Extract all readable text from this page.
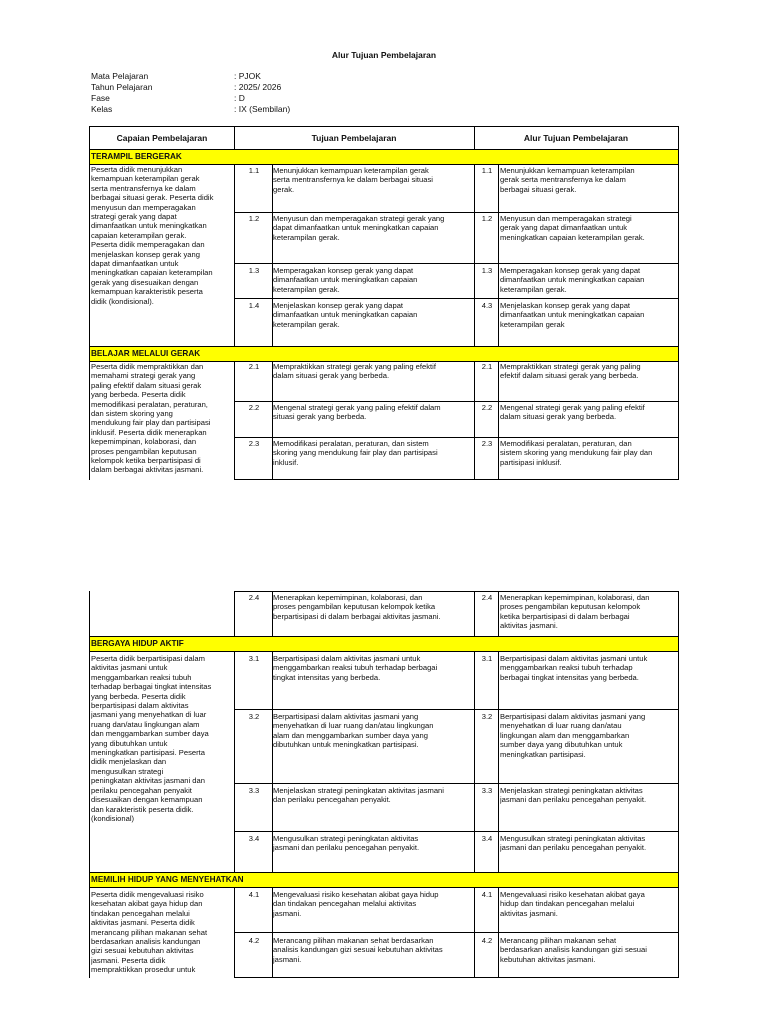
Alur Tujuan Pembelajaran
Mata Pelajaran	: PJOK
Tahun Pelajaran	: 2025/ 2026
Fase	: D
Kelas	: IX (Sembilan)
Capaian Pembelajaran	Tujuan Pembelajaran	Alur Tujuan Pembelajaran
TERAMPIL BERGERAK
Peserta didik menunjukkan
kemampuan keterampilan gerak
serta mentransfernya ke dalam
berbagai situasi gerak. Peserta didik
menyusun dan memperagakan
strategi gerak yang dapat
dimanfaatkan untuk meningkatkan
capaian keterampilan gerak.
Peserta didik memperagakan dan
menjelaskan konsep gerak yang
dapat dimanfaatkan untuk
meningkatkan capaian keterampilan
gerak yang disesuaikan dengan
kemampuan karakteristik peserta
didik (kondisional).
1.1	Menunjukkan kemampuan keterampilan gerak
serta mentransfernya ke dalam berbagai situasi
gerak.
1.1	Menunjukkan kemampuan keterampilan
gerak serta mentransfernya ke dalam
berbagai situasi gerak.
1.2	Menyusun dan memperagakan strategi gerak yang
dapat dimanfaatkan untuk meningkatkan capaian
keterampilan gerak.
1.2	Menyusun dan memperagakan strategi
gerak yang dapat dimanfaatkan untuk
meningkatkan capaian keterampilan gerak.
1.3	Memperagakan konsep gerak yang dapat
dimanfaatkan untuk meningkatkan capaian
keterampilan gerak.
1.3	Memperagakan konsep gerak yang dapat
dimanfaatkan untuk meningkatkan capaian
keterampilan gerak.
1.4	Menjelaskan konsep gerak yang dapat
dimanfaatkan untuk meningkatkan capaian
keterampilan gerak.
4.3	Menjelaskan konsep gerak yang dapat
dimanfaatkan untuk meningkatkan capaian
keterampilan gerak
BELAJAR MELALUI GERAK
Peserta didik mempraktikkan dan
memahami strategi gerak yang
paling efektif dalam situasi gerak
yang berbeda. Peserta didik
memodifikasi peralatan, peraturan,
dan sistem skoring yang
mendukung fair play dan partisipasi
inklusif. Peserta didik menerapkan
kepemimpinan, kolaborasi, dan
proses pengambilan keputusan
kelompok ketika berpartisipasi di
dalam berbagai aktivitas jasmani.
2.1	Mempraktikkan strategi gerak yang paling efektif
dalam situasi gerak yang berbeda.
2.1	Mempraktikkan strategi gerak yang paling
efektif dalam situasi gerak yang berbeda.
2.2	Mengenal strategi gerak yang paling efektif dalam
situasi gerak yang berbeda.
2.2	Mengenal strategi gerak yang paling efektif
dalam situasi gerak yang berbeda.
2.3	Memodifikasi peralatan, peraturan, dan sistem
skoring yang mendukung fair play dan partisipasi
inklusif.
2.3	Memodifikasi peralatan, peraturan, dan
sistem skoring yang mendukung fair play dan
partisipasi inklusif.
2.4	Menerapkan kepemimpinan, kolaborasi, dan
proses pengambilan keputusan kelompok ketika
berpartisipasi di dalam berbagai aktivitas jasmani.
2.4	Menerapkan kepemimpinan, kolaborasi, dan
proses pengambilan keputusan kelompok
ketika berpartisipasi di dalam berbagai
aktivitas jasmani.
BERGAYA HIDUP AKTIF
Peserta didik berpartisipasi dalam
aktivitas jasmani untuk
menggambarkan reaksi tubuh
terhadap berbagai tingkat intensitas
yang berbeda. Peserta didik
berpartisipasi dalam aktivitas
jasmani yang menyehatkan di luar
ruang dan/atau lingkungan alam
dan menggambarkan sumber daya
yang dibutuhkan untuk
meningkatkan partisipasi. Peserta
didik menjelaskan dan
mengusulkan strategi
peningkatan aktivitas jasmani dan
perilaku pencegahan penyakit
disesuaikan dengan kemampuan
dan karakteristik peserta didik.
(kondisional)
3.1	Berpartisipasi dalam aktivitas jasmani untuk
menggambarkan reaksi tubuh terhadap berbagai
tingkat intensitas yang berbeda.
3.1	Berpartisipasi dalam aktivitas jasmani untuk
menggambarkan reaksi tubuh terhadap
berbagai tingkat intensitas yang berbeda.
3.2	Berpartisipasi dalam aktivitas jasmani yang
menyehatkan di luar ruang dan/atau lingkungan
alam dan menggambarkan sumber daya yang
dibutuhkan untuk meningkatkan partisipasi.
3.2	Berpartisipasi dalam aktivitas jasmani yang
menyehatkan di luar ruang dan/atau
lingkungan alam dan menggambarkan
sumber daya yang dibutuhkan untuk
meningkatkan partisipasi.
3.3	Menjelaskan strategi peningkatan aktivitas jasmani
dan perilaku pencegahan penyakit.
3.3	Menjelaskan strategi peningkatan aktivitas
jasmani dan perilaku pencegahan penyakit.
3.4	Mengusulkan strategi peningkatan aktivitas
jasmani dan perilaku pencegahan penyakit.
3.4	Mengusulkan strategi peningkatan aktivitas
jasmani dan perilaku pencegahan penyakit.
MEMILIH HIDUP YANG MENYEHATKAN
Peserta didik mengevaluasi risiko
kesehatan akibat gaya hidup dan
tindakan pencegahan melalui
aktivitas jasmani. Peserta didik
merancang pilihan makanan sehat
berdasarkan analisis kandungan
gizi sesuai kebutuhan aktivitas
jasmani. Peserta didik
mempraktikkan prosedur untuk
4.1	Mengevaluasi risiko kesehatan akibat gaya hidup
dan tindakan pencegahan melalui aktivitas
jasmani.
4.1	Mengevaluasi risiko kesehatan akibat gaya
hidup dan tindakan pencegahan melalui
aktivitas jasmani.
4.2	Merancang pilihan makanan sehat berdasarkan
analisis kandungan gizi sesuai kebutuhan aktivitas
jasmani.
4.2	Merancang pilihan makanan sehat
berdasarkan analisis kandungan gizi sesuai
kebutuhan aktivitas jasmani.
